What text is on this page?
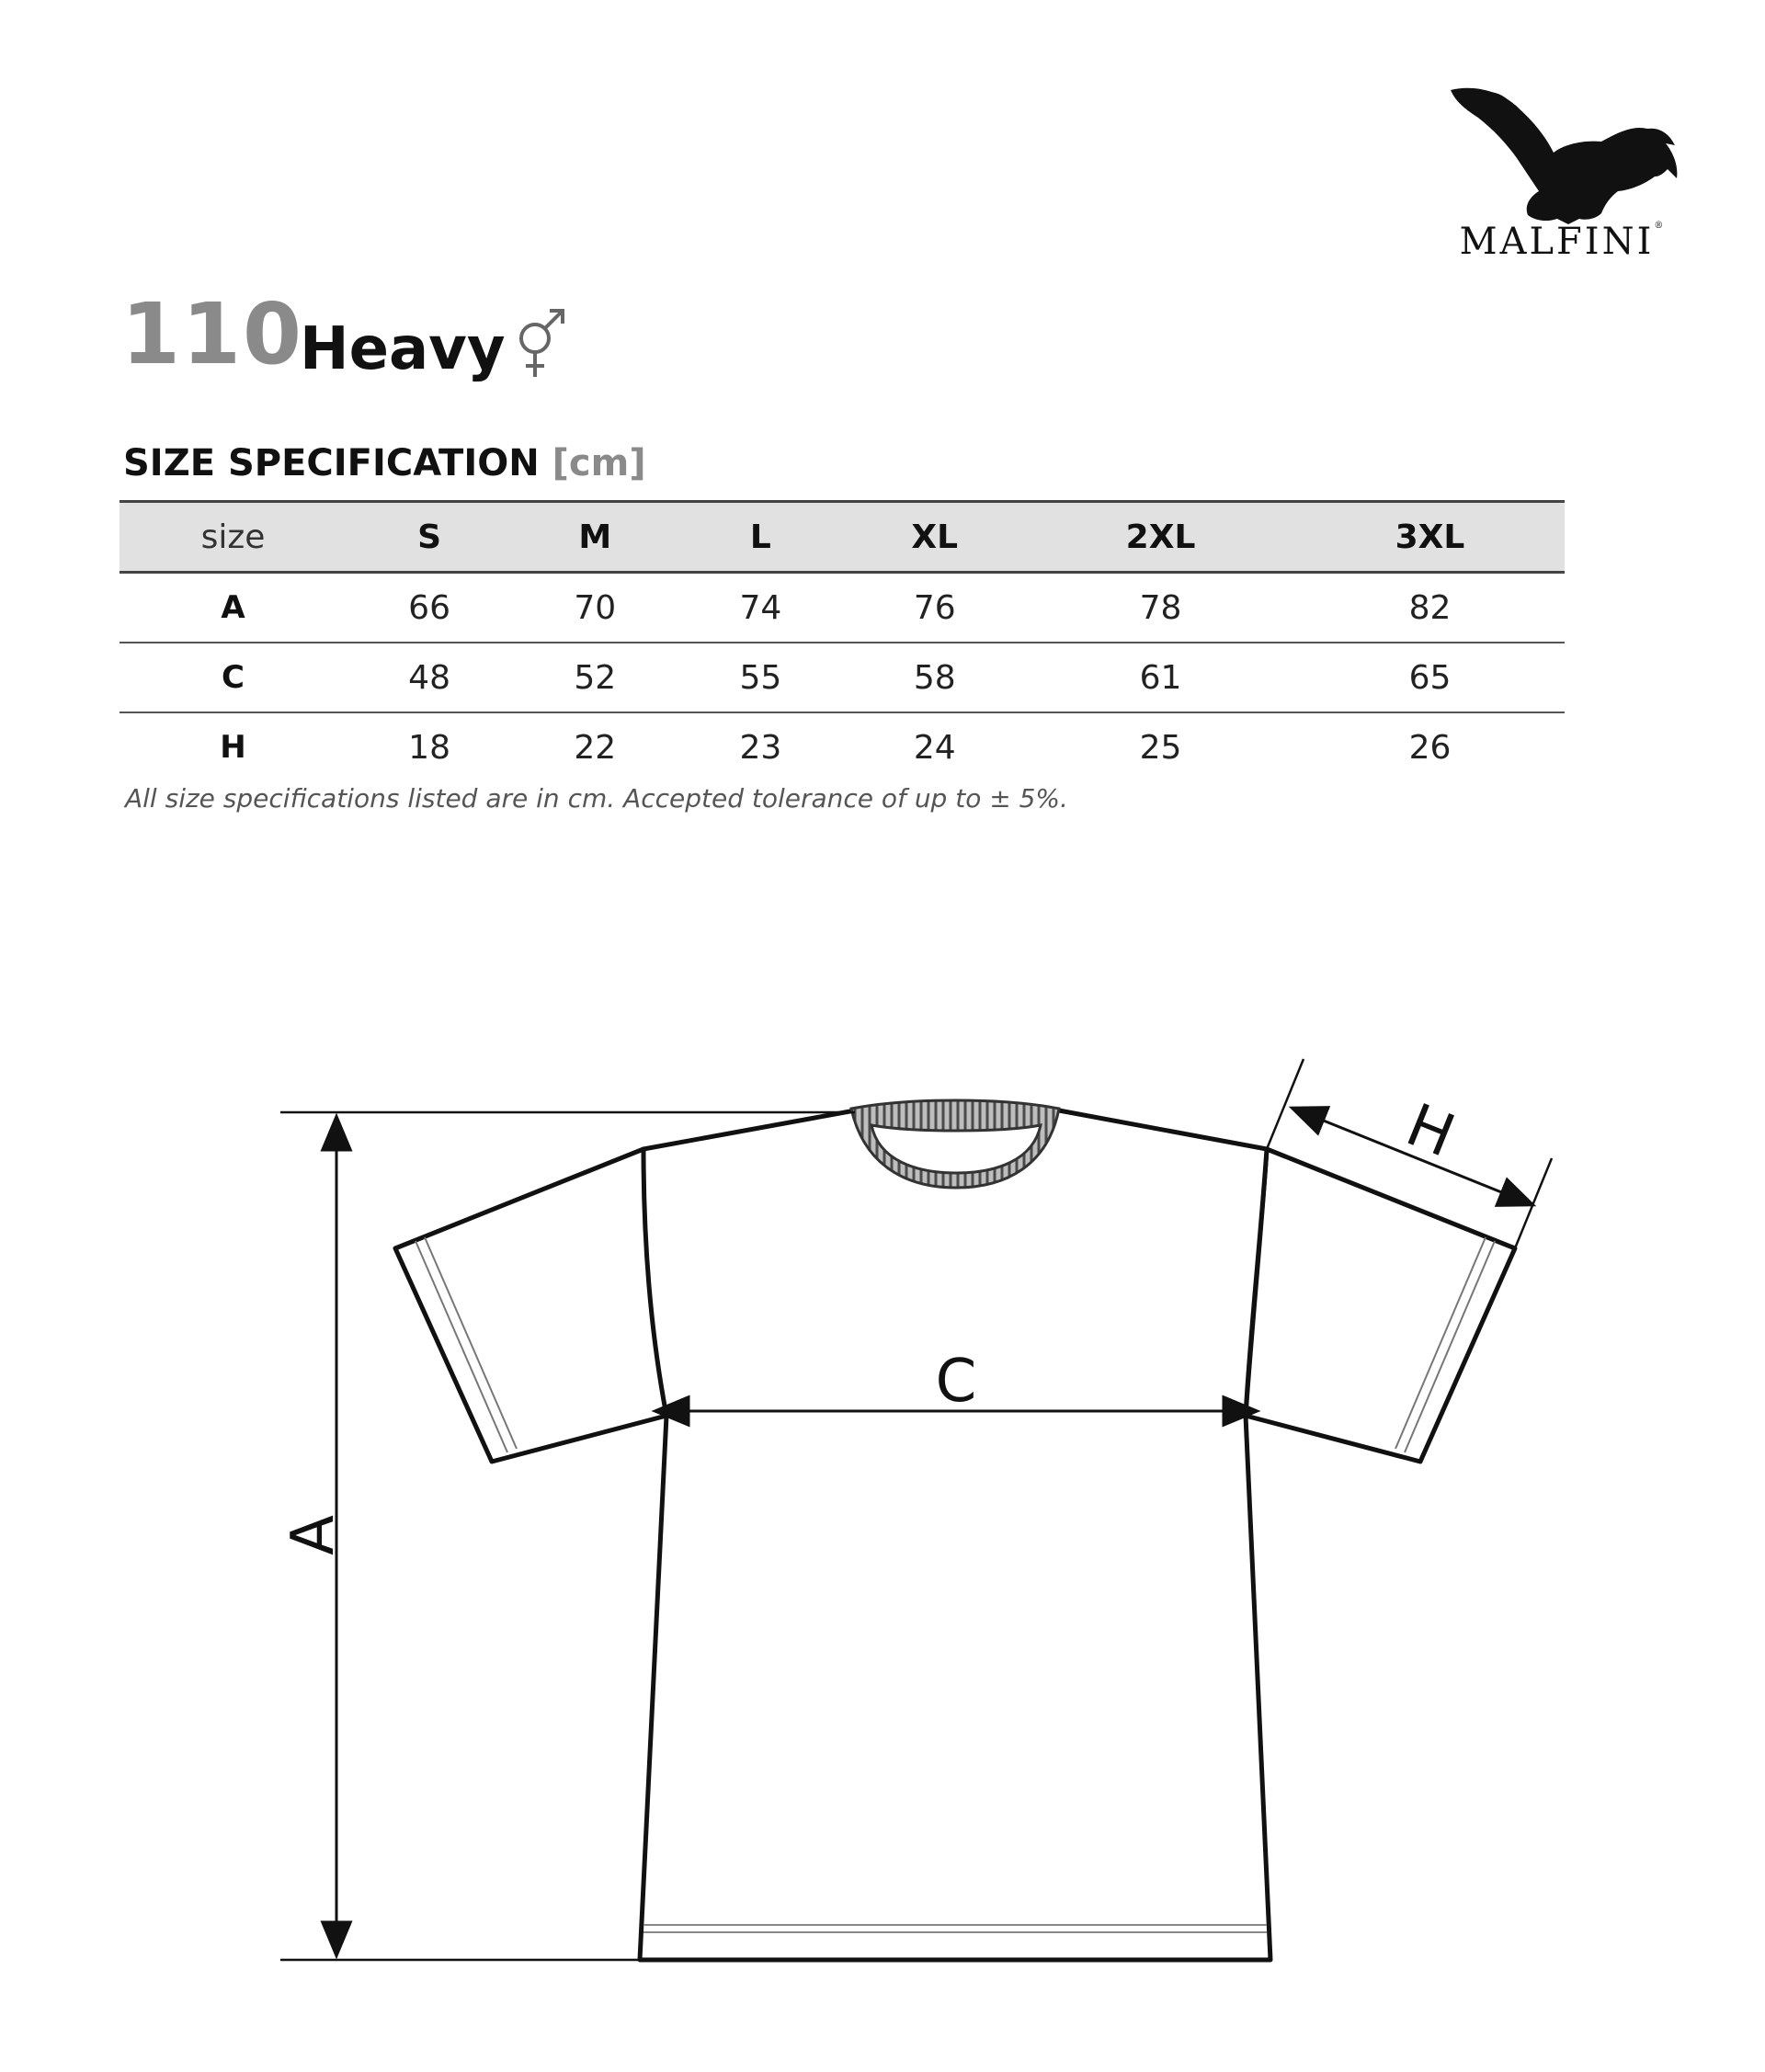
MALFINI®
110
Heavy
SIZE SPECIFICATION [cm]
size	S	M	L	XL	2XL	3XL
A	66	70	74	76	78	82
C	48	52	55	58	61	65
H	18	22	23	24	25	26
All size specifications listed are in cm. Accepted tolerance of up to ± 5%.
A
C
H
